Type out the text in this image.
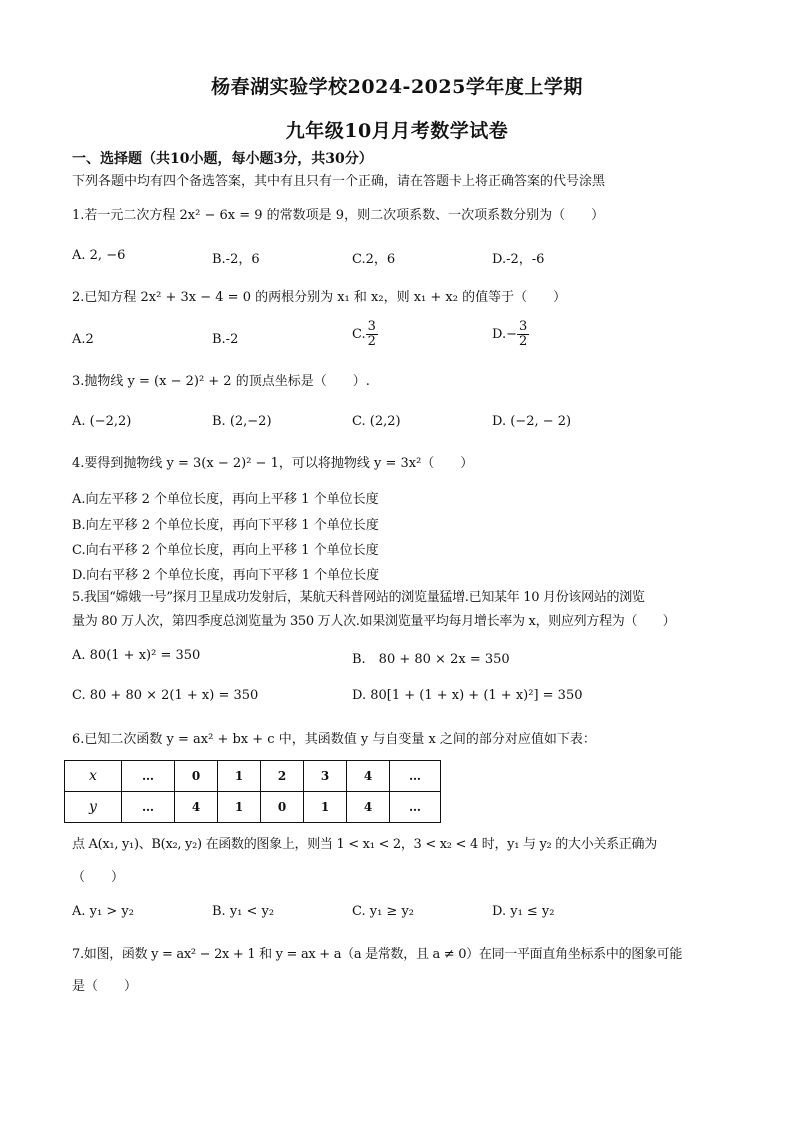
杨春湖实验学校2024-2025学年度上学期
九年级10月月考数学试卷
一、选择题（共10小题，每小题3分，共30分）
下列各题中均有四个备选答案，其中有且只有一个正确，请在答题卡上将正确答案的代号涂黑
1.若一元二次方程 2x² − 6x = 9 的常数项是 9，则二次项系数、一次项系数分别为（　　）
A. 2, −6	B.-2，6	C.2，6	D.-2，-6
2.已知方程 2x² + 3x − 4 = 0 的两根分别为 x₁ 和 x₂，则 x₁ + x₂ 的值等于（　　）
A.2	B.-2	C. $\frac{3}{2}$	$D.- \frac{3}{2}$
3.抛物线 y = (x − 2)² + 2 的顶点坐标是（　　）.
A. (−2,2)	B. (2,−2)	C. (2,2)	D. (−2, − 2)
4.要得到抛物线 y = 3(x − 2)² − 1，可以将抛物线 y = 3x²（　　）
A.向左平移 2 个单位长度，再向上平移 1 个单位长度
B.向左平移 2 个单位长度，再向下平移 1 个单位长度
C.向右平移 2 个单位长度，再向上平移 1 个单位长度
D.向右平移 2 个单位长度，再向下平移 1 个单位长度
5.我国“嫦娥一号”探月卫星成功发射后，某航天科普网站的浏览量猛增.已知某年 10 月份该网站的浏览
量为 80 万人次，第四季度总浏览量为 350 万人次.如果浏览量平均每月增长率为 x，则应列方程为（　　）
A. 80(1 + x)² = 350	B.　80 + 80 × 2x = 350
C. 80 + 80 × 2(1 + x) = 350	D. 80[1 + (1 + x) + (1 + x)²] = 350
6.已知二次函数 y = ax² + bx + c 中，其函数值 y 与自变量 x 之间的部分对应值如下表：
x	…	0	1	2	3	4	…
y	…	4	1	0	1	4	…
点 A(x₁, y₁)、B(x₂, y₂) 在函数的图象上，则当 1 < x₁ < 2，3 < x₂ < 4 时，y₁ 与 y₂ 的大小关系正确为
（　　）
A. y₁ > y₂	B. y₁ < y₂	C. y₁ ≥ y₂	D. y₁ ≤ y₂
7.如图，函数 y = ax² − 2x + 1 和 y = ax + a（a 是常数，且 a ≠ 0）在同一平面直角坐标系中的图象可能
是（　　）
